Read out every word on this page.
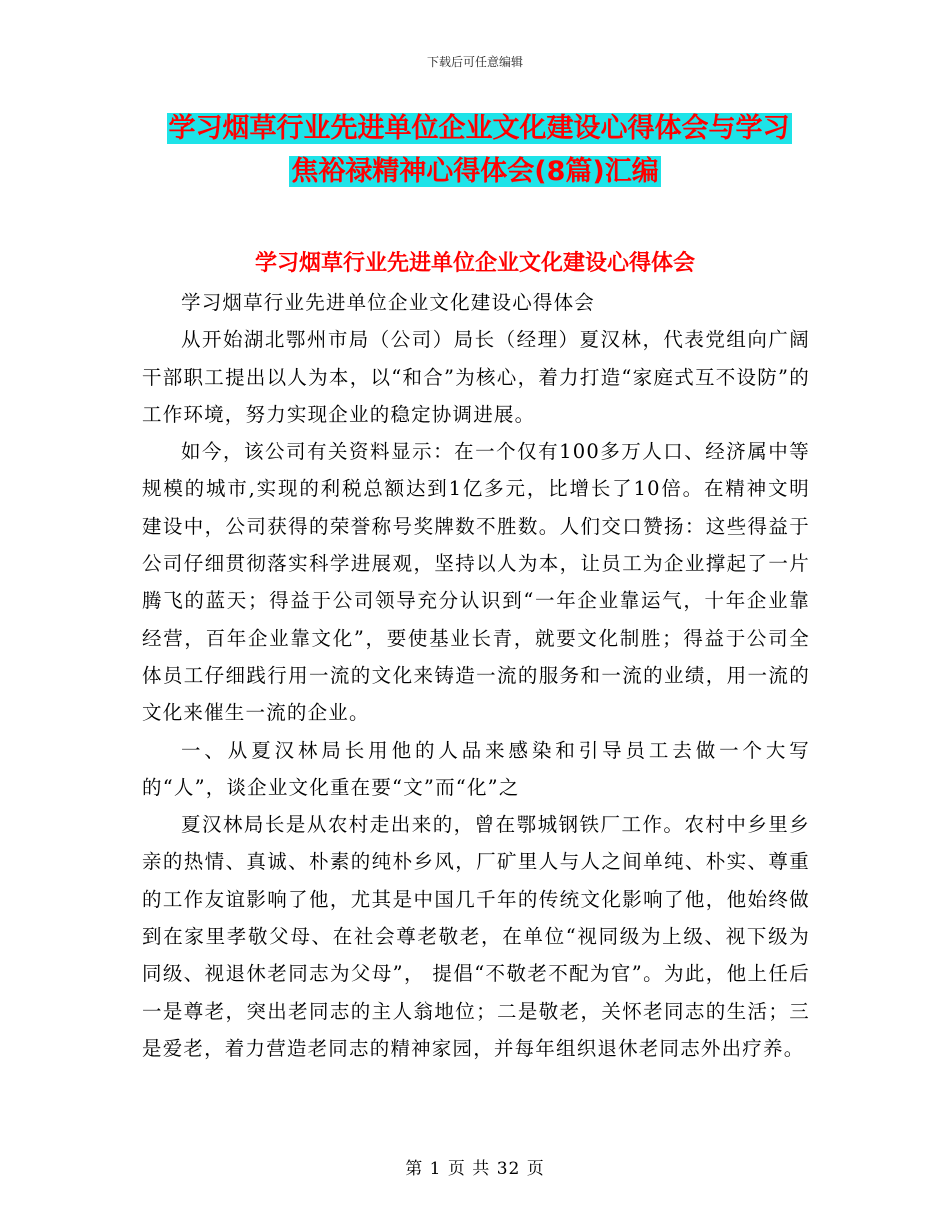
下载后可任意编辑
学习烟草行业先进单位企业文化建设心得体会与学习
焦裕禄精神心得体会(8篇)汇编
学习烟草行业先进单位企业文化建设心得体会

学习烟草行业先进单位企业文化建设心得体会

从开始湖北鄂州市局（公司）局长（经理）夏汉林，代表党组向广阔干部职工提出以人为本，以“和合”为核心，着力打造“家庭式互不设防”的工作环境，努力实现企业的稳定协调进展。

如今，该公司有关资料显示：在一个仅有100多万人口、经济属中等规模的城市,实现的利税总额达到1亿多元，比增长了10倍。在精神文明建设中，公司获得的荣誉称号奖牌数不胜数。人们交口赞扬：这些得益于公司仔细贯彻落实科学进展观，坚持以人为本，让员工为企业撑起了一片腾飞的蓝天；得益于公司领导充分认识到“一年企业靠运气，十年企业靠经营，百年企业靠文化”，要使基业长青，就要文化制胜；得益于公司全体员工仔细践行用一流的文化来铸造一流的服务和一流的业绩，用一流的文化来催生一流的企业。

一、从夏汉林局长用他的人品来感染和引导员工去做一个大写的“人”，谈企业文化重在要“文”而“化”之

夏汉林局长是从农村走出来的，曾在鄂城钢铁厂工作。农村中乡里乡亲的热情、真诚、朴素的纯朴乡风，厂矿里人与人之间单纯、朴实、尊重的工作友谊影响了他，尤其是中国几千年的传统文化影响了他，他始终做到在家里孝敬父母、在社会尊老敬老，在单位“视同级为上级、视下级为同级、视退休老同志为父母”， 提倡“不敬老不配为官”。为此，他上任后一是尊老，突出老同志的主人翁地位；二是敬老，关怀老同志的生活；三是爱老，着力营造老同志的精神家园，并每年组织退休老同志外出疗养。

第 1 页 共 32 页
